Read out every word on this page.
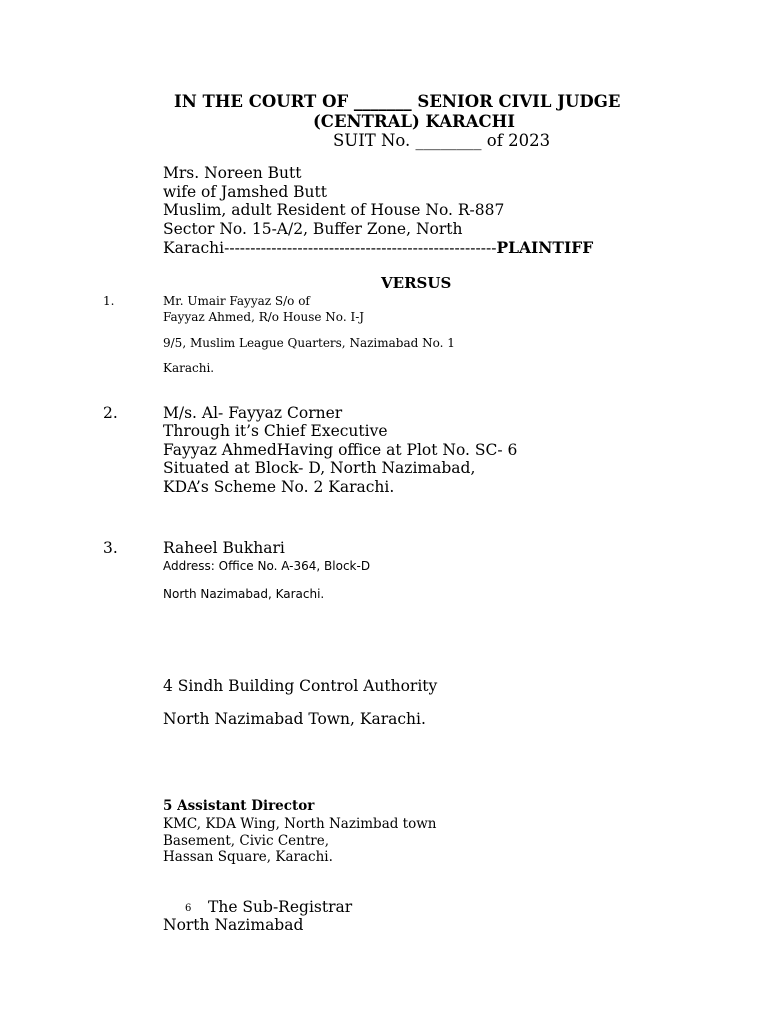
IN THE COURT OF _______ SENIOR CIVIL JUDGE
(CENTRAL) KARACHI
SUIT No. ________ of 2023
Mrs. Noreen Butt
wife of Jamshed Butt
Muslim, adult Resident of House No. R-887
Sector No. 15-A/2, Buffer Zone, North
Karachi----------------------------------------------------PLAINTIFF
VERSUS
1.	Mr. Umair Fayyaz S/o of
Fayyaz Ahmed, R/o House No. I-J
9/5, Muslim League Quarters, Nazimabad No. 1
Karachi.
2.	M/s. Al- Fayyaz Corner
Through it’s Chief Executive
Fayyaz AhmedHaving office at Plot No. SC- 6
Situated at Block- D, North Nazimabad,
KDA’s Scheme No. 2 Karachi.
3.	Raheel Bukhari
Address: Office No. A-364, Block-D
North Nazimabad, Karachi.
4 Sindh Building Control Authority
North Nazimabad Town, Karachi.
5 Assistant Director
KMC, KDA Wing, North Nazimbad town
Basement, Civic Centre,
Hassan Square, Karachi.
6 The Sub-Registrar
North Nazimabad
